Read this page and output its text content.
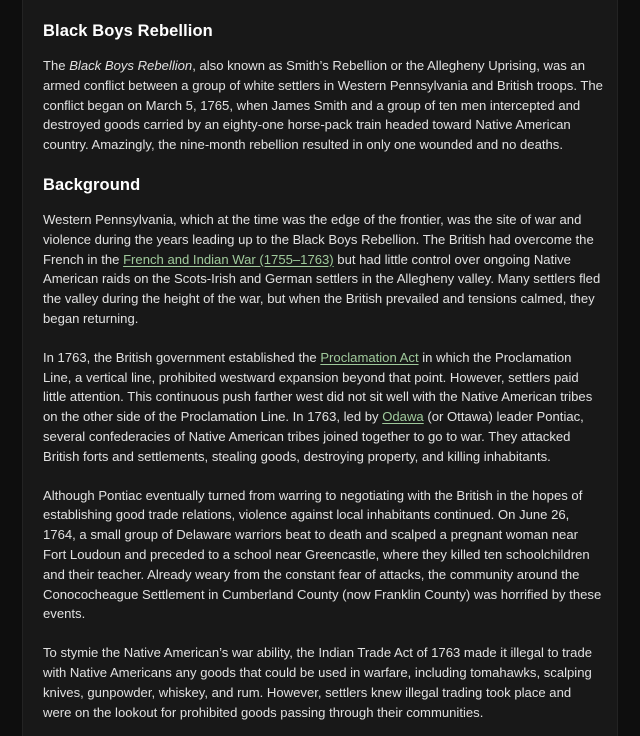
Black Boys Rebellion

The Black Boys Rebellion, also known as Smith’s Rebellion or the Allegheny Uprising, was an armed conflict between a group of white settlers in Western Pennsylvania and British troops. The conflict began on March 5, 1765, when James Smith and a group of ten men intercepted and destroyed goods carried by an eighty-one horse-pack train headed toward Native American country. Amazingly, the nine-month rebellion resulted in only one wounded and no deaths.

Background

Western Pennsylvania, which at the time was the edge of the frontier, was the site of war and violence during the years leading up to the Black Boys Rebellion. The British had overcome the French in the French and Indian War (1755–1763) but had little control over ongoing Native American raids on the Scots-Irish and German settlers in the Allegheny valley. Many settlers fled the valley during the height of the war, but when the British prevailed and tensions calmed, they began returning.

In 1763, the British government established the Proclamation Act in which the Proclamation Line, a vertical line, prohibited westward expansion beyond that point. However, settlers paid little attention. This continuous push farther west did not sit well with the Native American tribes on the other side of the Proclamation Line. In 1763, led by Odawa (or Ottawa) leader Pontiac, several confederacies of Native American tribes joined together to go to war. They attacked British forts and settlements, stealing goods, destroying property, and killing inhabitants.

Although Pontiac eventually turned from warring to negotiating with the British in the hopes of establishing good trade relations, violence against local inhabitants continued. On June 26, 1764, a small group of Delaware warriors beat to death and scalped a pregnant woman near Fort Loudoun and preceded to a school near Greencastle, where they killed ten schoolchildren and their teacher. Already weary from the constant fear of attacks, the community around the Conococheague Settlement in Cumberland County (now Franklin County) was horrified by these events.

To stymie the Native American’s war ability, the Indian Trade Act of 1763 made it illegal to trade with Native Americans any goods that could be used in warfare, including tomahawks, scalping knives, gunpowder, whiskey, and rum. However, settlers knew illegal trading took place and were on the lookout for prohibited goods passing through their communities.
